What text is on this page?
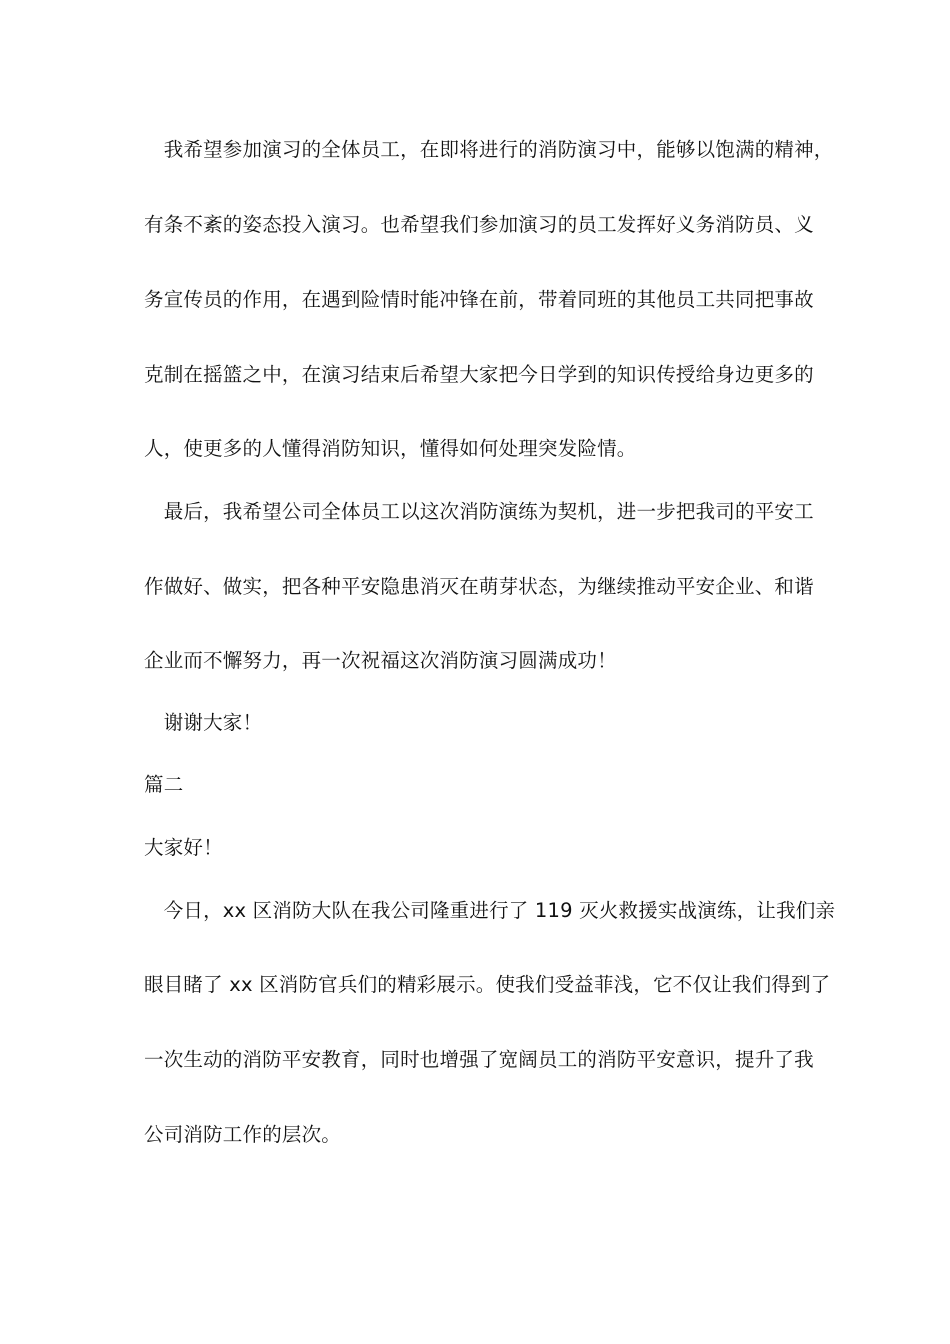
　我希望参加演习的全体员工，在即将进行的消防演习中，能够以饱满的精神，
有条不紊的姿态投入演习。也希望我们参加演习的员工发挥好义务消防员、义
务宣传员的作用，在遇到险情时能冲锋在前，带着同班的其他员工共同把事故
克制在摇篮之中，在演习结束后希望大家把今日学到的知识传授给身边更多的
人，使更多的人懂得消防知识，懂得如何处理突发险情。
　最后，我希望公司全体员工以这次消防演练为契机，进一步把我司的平安工
作做好、做实，把各种平安隐患消灭在萌芽状态，为继续推动平安企业、和谐
企业而不懈努力，再一次祝福这次消防演习圆满成功！
　谢谢大家！
篇二
大家好！
　今日，xx 区消防大队在我公司隆重进行了 119 灭火救援实战演练，让我们亲
眼目睹了 xx 区消防官兵们的精彩展示。使我们受益菲浅，它不仅让我们得到了
一次生动的消防平安教育，同时也增强了宽阔员工的消防平安意识，提升了我
公司消防工作的层次。
